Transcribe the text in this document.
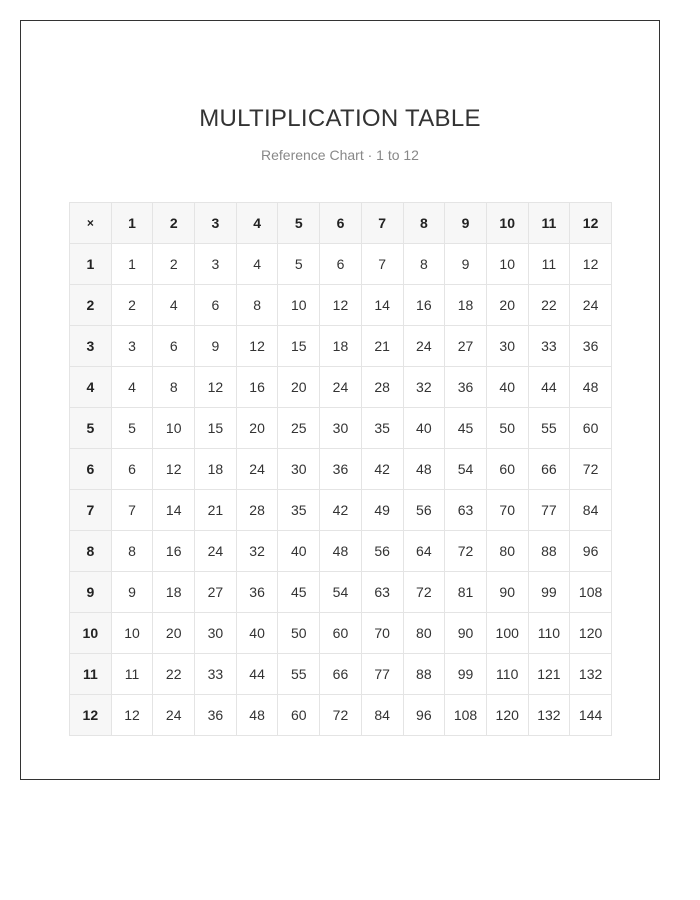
MULTIPLICATION TABLE

Reference Chart · 1 to 12

×	1	2	3	4	5	6	7	8	9	10	11	12
1	1	2	3	4	5	6	7	8	9	10	11	12
2	2	4	6	8	10	12	14	16	18	20	22	24
3	3	6	9	12	15	18	21	24	27	30	33	36
4	4	8	12	16	20	24	28	32	36	40	44	48
5	5	10	15	20	25	30	35	40	45	50	55	60
6	6	12	18	24	30	36	42	48	54	60	66	72
7	7	14	21	28	35	42	49	56	63	70	77	84
8	8	16	24	32	40	48	56	64	72	80	88	96
9	9	18	27	36	45	54	63	72	81	90	99	108
10	10	20	30	40	50	60	70	80	90	100	110	120
11	11	22	33	44	55	66	77	88	99	110	121	132
12	12	24	36	48	60	72	84	96	108	120	132	144
